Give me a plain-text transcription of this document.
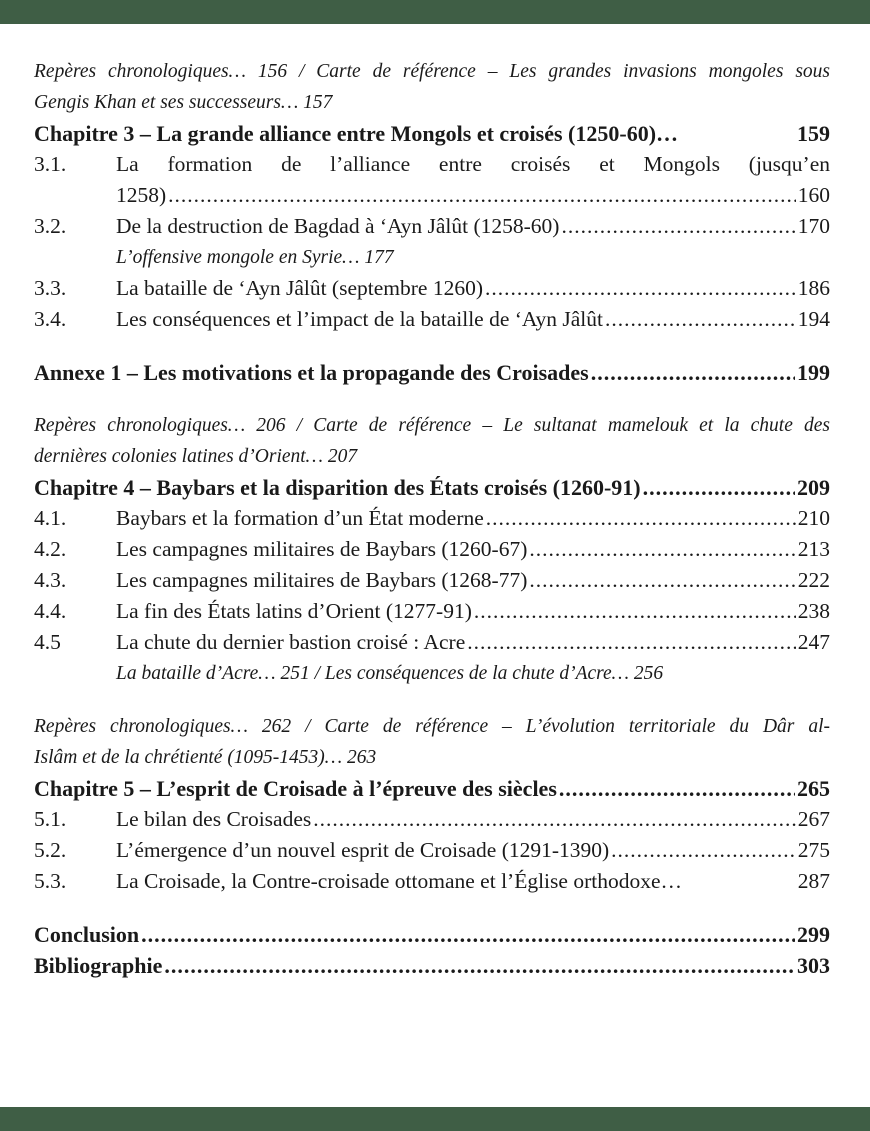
Repères chronologiques… 156 / Carte de référence – Les grandes invasions mongoles sous
Gengis Khan et ses successeurs… 157
Chapitre 3 – La grande alliance entre Mongols et croisés (1250-60)…	159
3.1.	La formation de l’alliance entre croisés et Mongols (jusqu’en
1258) .....	160
3.2.	De la destruction de Bagdad à ‘Ayn Jâlût (1258-60) .....	170
L’offensive mongole en Syrie… 177
3.3.	La bataille de ‘Ayn Jâlût (septembre 1260) .....	186
3.4.	Les conséquences et l’impact de la bataille de ‘Ayn Jâlût .....	194
Annexe 1 – Les motivations et la propagande des Croisades .....	199
Repères chronologiques… 206 / Carte de référence – Le sultanat mamelouk et la chute des
dernières colonies latines d’Orient… 207
Chapitre 4 – Baybars et la disparition des États croisés (1260-91) .....	209
4.1.	Baybars et la formation d’un État moderne .....	210
4.2.	Les campagnes militaires de Baybars (1260-67) .....	213
4.3.	Les campagnes militaires de Baybars (1268-77) .....	222
4.4.	La fin des États latins d’Orient (1277-91) .....	238
4.5	La chute du dernier bastion croisé : Acre .....	247
La bataille d’Acre… 251 / Les conséquences de la chute d’Acre… 256
Repères chronologiques… 262 / Carte de référence – L’évolution territoriale du Dâr al-
Islâm et de la chrétienté (1095-1453)… 263
Chapitre 5 – L’esprit de Croisade à l’épreuve des siècles .....	265
5.1.	Le bilan des Croisades .....	267
5.2.	L’émergence d’un nouvel esprit de Croisade (1291-1390) .....	275
5.3.	La Croisade, la Contre-croisade ottomane et l’Église orthodoxe…	287
Conclusion .....	299
Bibliographie .....	303
